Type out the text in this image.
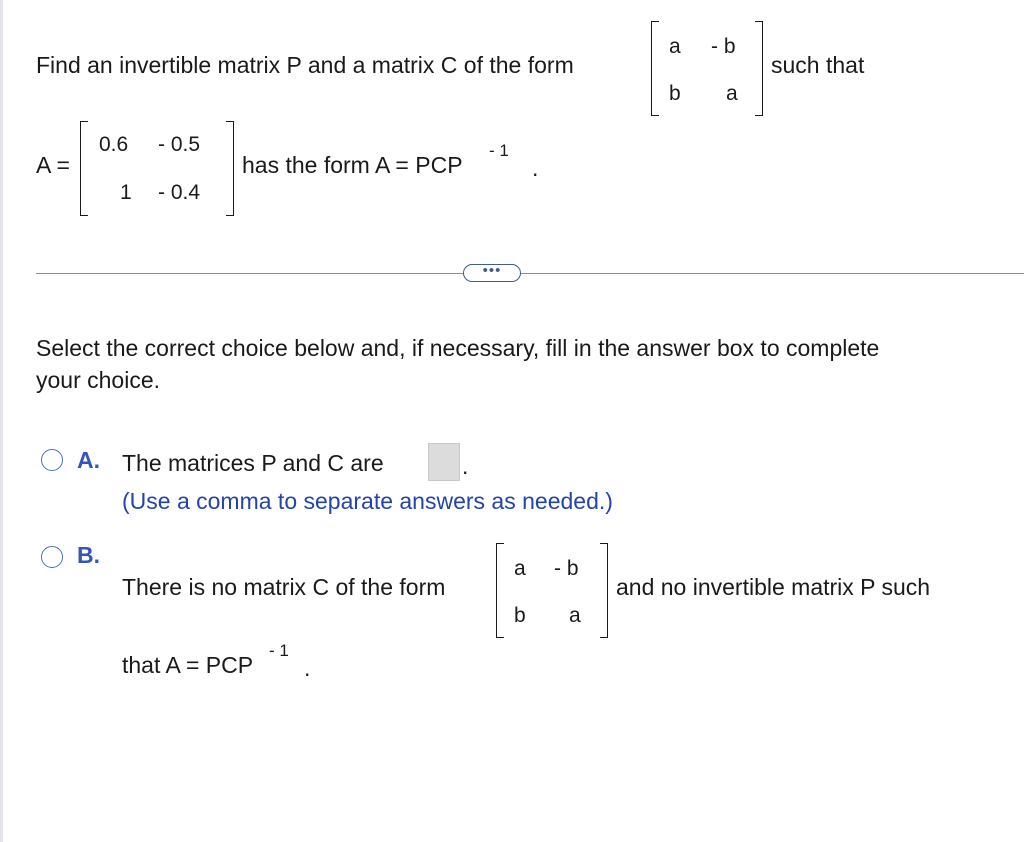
Find an invertible matrix P and a matrix C of the form
a - b
b a
such that
A =
0.6 - 0.5
1 - 0.4
has the form A = PCP
- 1
.
•••
Select the correct choice below and, if necessary, fill in the answer box to complete
your choice.
A. The matrices P and C are	.
(Use a comma to separate answers as needed.)
B.
There is no matrix C of the form
a - b
b a
and no invertible matrix P such
that A = PCP
- 1
.
